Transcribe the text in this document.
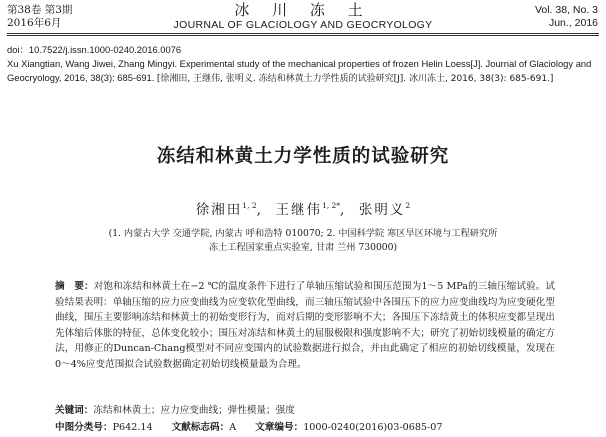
第38卷 第3期
2016年6月
冰 川 冻 土
JOURNAL OF GLACIOLOGY AND GEOCRYOLOGY
Vol. 38, No. 3
Jun., 2016

doi：10.7522/j.issn.1000-0240.2016.0076

Xu Xiangtian, Wang Jiwei, Zhang Mingyi. Experimental study of the mechanical properties of frozen Helin Loess[J]. Journal of Glaciology and Geocryology, 2016, 38(3): 685-691. [徐湘田, 王继伟, 张明义. 冻结和林黄土力学性质的试验研究[J]. 冰川冻土, 2016, 38(3): 685-691.]

冻结和林黄土力学性质的试验研究
徐湘田$^{1, 2}$,  王继伟$^{1, 2*}$,  张明义$^2$
(1. 内蒙古大学 交通学院, 内蒙古 呼和浩特 010070; 2. 中国科学院 寒区旱区环境与工程研究所
冻土工程国家重点实验室, 甘肃 兰州 730000)
摘　要：对饱和冻结和林黄土在−2 ℃的温度条件下进行了单轴压缩试验和围压范围为1～5 MPa的三轴压缩试验。试验结果表明：单轴压缩的应力应变曲线为应变软化型曲线，而三轴压缩试验中各围压下的应力应变曲线均为应变硬化型曲线，围压主要影响冻结和林黄土的初始变形行为，而对后期的变形影响不大；各围压下冻结黄土的体积应变都呈现出先体缩后体胀的特征，总体变化较小；围压对冻结和林黄土的屈服极限和强度影响不大；研究了初始切线模量的确定方法，用修正的Duncan-Chang模型对不同应变围内的试验数据进行拟合，并由此确定了相应的初始切线模量，发现在0～4%应变范围拟合试验数据确定初始切线模量最为合理。
关键词：冻结和林黄土；应力应变曲线；弹性模量；强度
中图分类号：P642.14 文献标志码：A 文章编号：1000-0240(2016)03-0685-07
